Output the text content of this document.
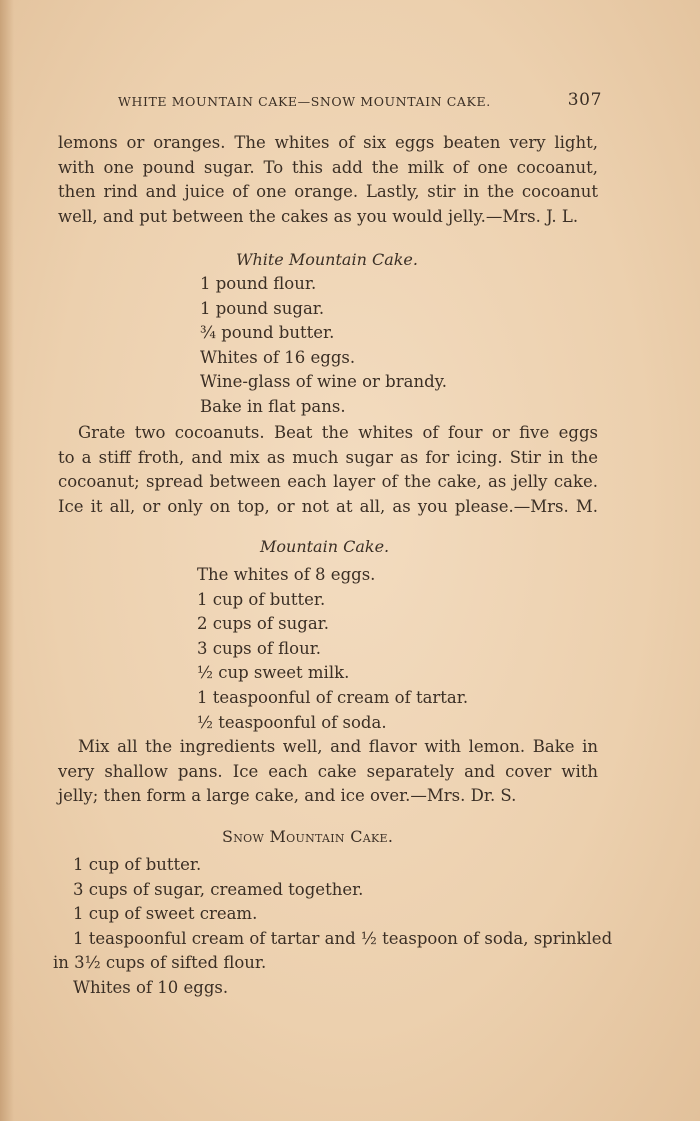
WHITE MOUNTAIN CAKE—SNOW MOUNTAIN CAKE.	307
lemons or oranges. The whites of six eggs beaten very light,
with one pound sugar. To this add the milk of one cocoanut,
then rind and juice of one orange. Lastly, stir in the cocoanut
well, and put between the cakes as you would jelly.—Mrs. J. L.
White Mountain Cake.
1 pound flour.
1 pound sugar.
¾ pound butter.
Whites of 16 eggs.
Wine-glass of wine or brandy.
Bake in flat pans.
Grate two cocoanuts. Beat the whites of four or five eggs
to a stiff froth, and mix as much sugar as for icing. Stir in the
cocoanut; spread between each layer of the cake, as jelly cake.
Ice it all, or only on top, or not at all, as you please.—Mrs. M.
Mountain Cake.
The whites of 8 eggs.
1 cup of butter.
2 cups of sugar.
3 cups of flour.
½ cup sweet milk.
1 teaspoonful of cream of tartar.
½ teaspoonful of soda.
Mix all the ingredients well, and flavor with lemon. Bake in
very shallow pans. Ice each cake separately and cover with
jelly; then form a large cake, and ice over.—Mrs. Dr. S.
Snow Mountain Cake.
1 cup of butter.
3 cups of sugar, creamed together.
1 cup of sweet cream.
1 teaspoonful cream of tartar and ½ teaspoon of soda, sprinkled
in 3½ cups of sifted flour.
Whites of 10 eggs.
